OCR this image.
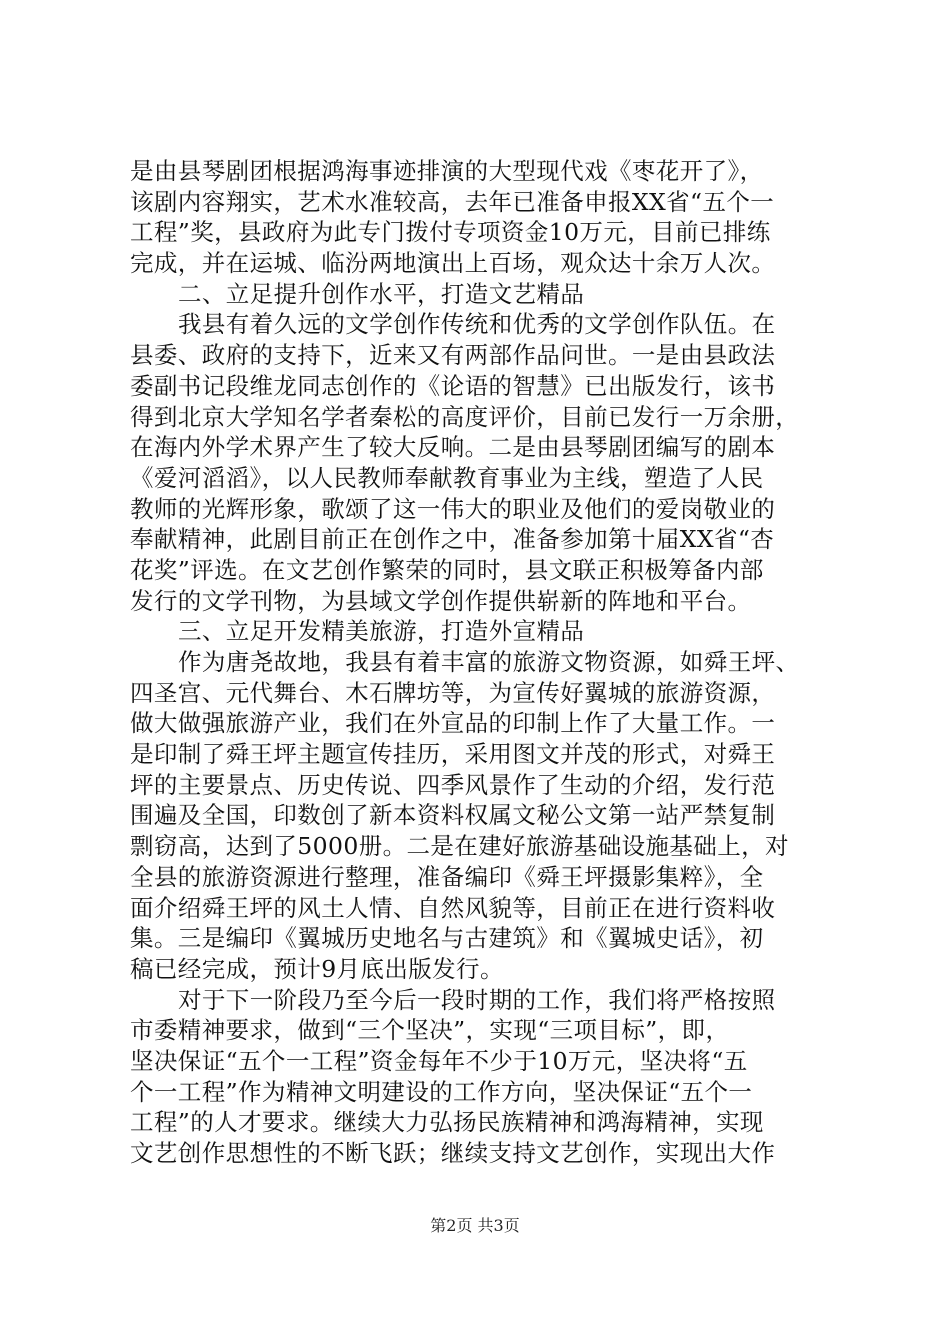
是由县琴剧团根据鸿海事迹排演的大型现代戏《枣花开了》，
该剧内容翔实，艺术水准较高，去年已准备申报XX省“五个一
工程”奖，县政府为此专门拨付专项资金10万元，目前已排练
完成，并在运城、临汾两地演出上百场，观众达十余万人次。
二、立足提升创作水平，打造文艺精品
我县有着久远的文学创作传统和优秀的文学创作队伍。在
县委、政府的支持下，近来又有两部作品问世。一是由县政法
委副书记段维龙同志创作的《论语的智慧》已出版发行，该书
得到北京大学知名学者秦松的高度评价，目前已发行一万余册，
在海内外学术界产生了较大反响。二是由县琴剧团编写的剧本
《爱河滔滔》，以人民教师奉献教育事业为主线，塑造了人民
教师的光辉形象，歌颂了这一伟大的职业及他们的爱岗敬业的
奉献精神，此剧目前正在创作之中，准备参加第十届XX省“杏
花奖”评选。在文艺创作繁荣的同时，县文联正积极筹备内部
发行的文学刊物，为县域文学创作提供崭新的阵地和平台。
三、立足开发精美旅游，打造外宣精品
作为唐尧故地，我县有着丰富的旅游文物资源，如舜王坪、
四圣宫、元代舞台、木石牌坊等，为宣传好翼城的旅游资源，
做大做强旅游产业，我们在外宣品的印制上作了大量工作。一
是印制了舜王坪主题宣传挂历，采用图文并茂的形式，对舜王
坪的主要景点、历史传说、四季风景作了生动的介绍，发行范
围遍及全国，印数创了新本资料权属文秘公文第一站严禁复制
剽窃高，达到了5000册。二是在建好旅游基础设施基础上，对
全县的旅游资源进行整理，准备编印《舜王坪摄影集粹》，全
面介绍舜王坪的风土人情、自然风貌等，目前正在进行资料收
集。三是编印《翼城历史地名与古建筑》和《翼城史话》，初
稿已经完成，预计9月底出版发行。
对于下一阶段乃至今后一段时期的工作，我们将严格按照
市委精神要求，做到“三个坚决”，实现“三项目标”，即，
坚决保证“五个一工程”资金每年不少于10万元，坚决将“五
个一工程”作为精神文明建设的工作方向，坚决保证“五个一
工程”的人才要求。继续大力弘扬民族精神和鸿海精神，实现
文艺创作思想性的不断飞跃；继续支持文艺创作，实现出大作
第2页 共3页
